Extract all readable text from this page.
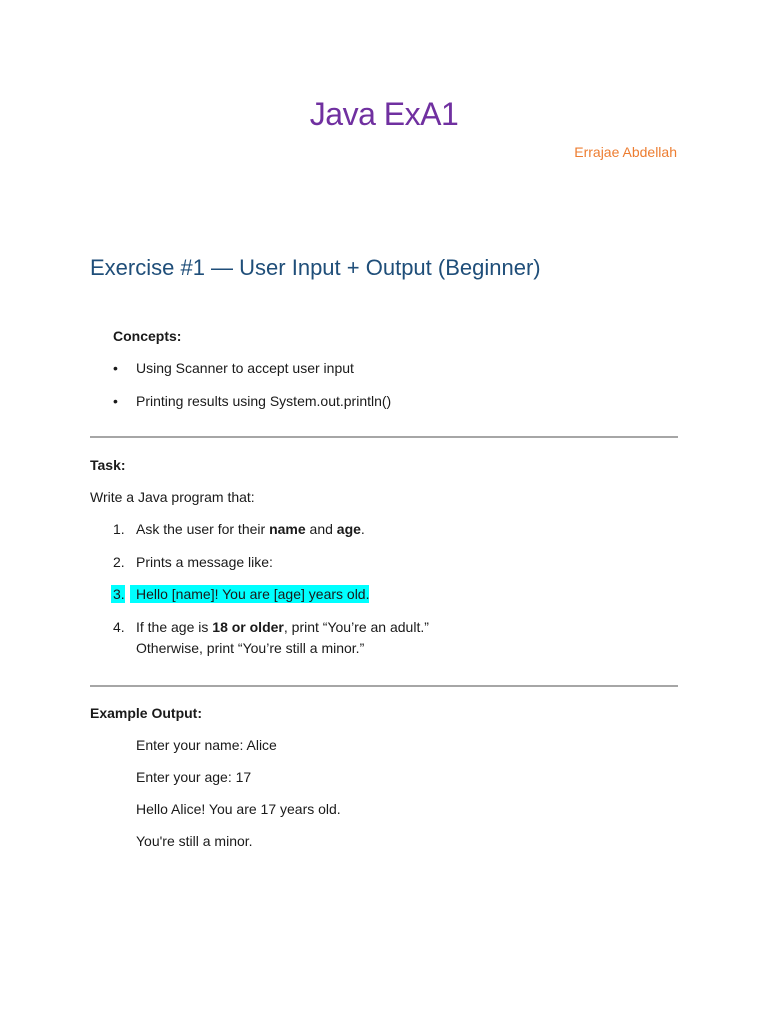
Java ExA1
Errajae Abdellah
Exercise #1 — User Input + Output (Beginner)
Concepts:
• Using Scanner to accept user input
• Printing results using System.out.println()
Task:
Write a Java program that:
1. Ask the user for their name and age.
2. Prints a message like:
3. Hello [name]! You are [age] years old.
4. If the age is 18 or older, print “You’re an adult.”
Otherwise, print “You’re still a minor.”
Example Output:
Enter your name: Alice
Enter your age: 17
Hello Alice! You are 17 years old.
You're still a minor.
